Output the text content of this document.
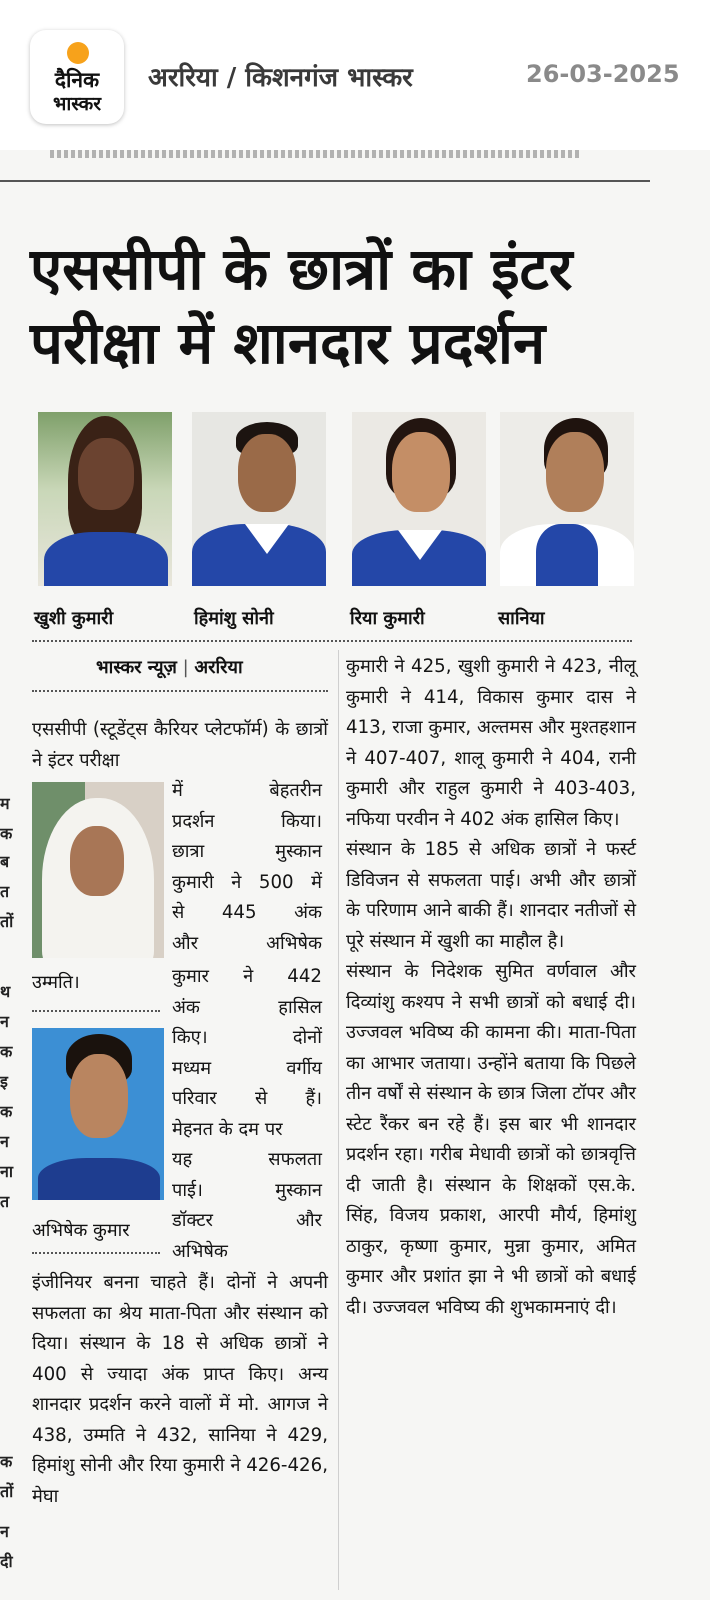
दैनिक
भास्कर
अररिया / किशनगंज भास्कर	26-03-2025
म
क
ब
त
तों
थ
न
क
इ
क
न
ना
त
क
तों
न
दी
एससीपी के छात्रों का इंटर
परीक्षा में शानदार प्रदर्शन
खुशी कुमारी	हिमांशु सोनी	रिया कुमारी	सानिया
भास्कर न्यूज़ | अररिया
एससीपी (स्टूडेंट्स कैरियर प्लेटफॉर्म) के छात्रों ने इंटर परीक्षा
उम्मति।

में बेहतरीन

प्रदर्शन किया।

छात्रा मुस्कान

कुमारी ने 500 में

से 445 अंक

और अभिषेक

कुमार ने 442

अंक हासिल

किए। दोनों

मध्यम वर्गीय

परिवार से हैं।

मेहनत के दम पर

यह सफलता

पाई। मुस्कान

डॉक्टर और

अभिषेक

अभिषेक कुमार
इंजीनियर बनना चाहते हैं। दोनों ने अपनी सफलता का श्रेय माता-पिता और संस्थान को दिया। संस्थान के 18 से अधिक छात्रों ने 400 से ज्यादा अंक प्राप्त किए। अन्य शानदार प्रदर्शन करने वालों में मो. आगज ने 438, उम्मति ने 432, सानिया ने 429, हिमांशु सोनी और रिया कुमारी ने 426-426, मेघा

कुमारी ने 425, खुशी कुमारी ने 423, नीलू कुमारी ने 414, विकास कुमार दास ने 413, राजा कुमार, अल्तमस और मुश्तहशान ने 407-407, शालू कुमारी ने 404, रानी कुमारी और राहुल कुमारी ने 403-403, नफिया परवीन ने 402 अंक हासिल किए।

संस्थान के 185 से अधिक छात्रों ने फर्स्ट डिविजन से सफलता पाई। अभी और छात्रों के परिणाम आने बाकी हैं। शानदार नतीजों से पूरे संस्थान में खुशी का माहौल है।

संस्थान के निदेशक सुमित वर्णवाल और दिव्यांशु कश्यप ने सभी छात्रों को बधाई दी। उज्जवल भविष्य की कामना की। माता-पिता का आभार जताया। उन्होंने बताया कि पिछले तीन वर्षों से संस्थान के छात्र जिला टॉपर और स्टेट रैंकर बन रहे हैं। इस बार भी शानदार प्रदर्शन रहा। गरीब मेधावी छात्रों को छात्रवृत्ति दी जाती है। संस्थान के शिक्षकों एस.के. सिंह, विजय प्रकाश, आरपी मौर्य, हिमांशु ठाकुर, कृष्णा कुमार, मुन्ना कुमार, अमित कुमार और प्रशांत झा ने भी छात्रों को बधाई दी। उज्जवल भविष्य की शुभकामनाएं दी।
